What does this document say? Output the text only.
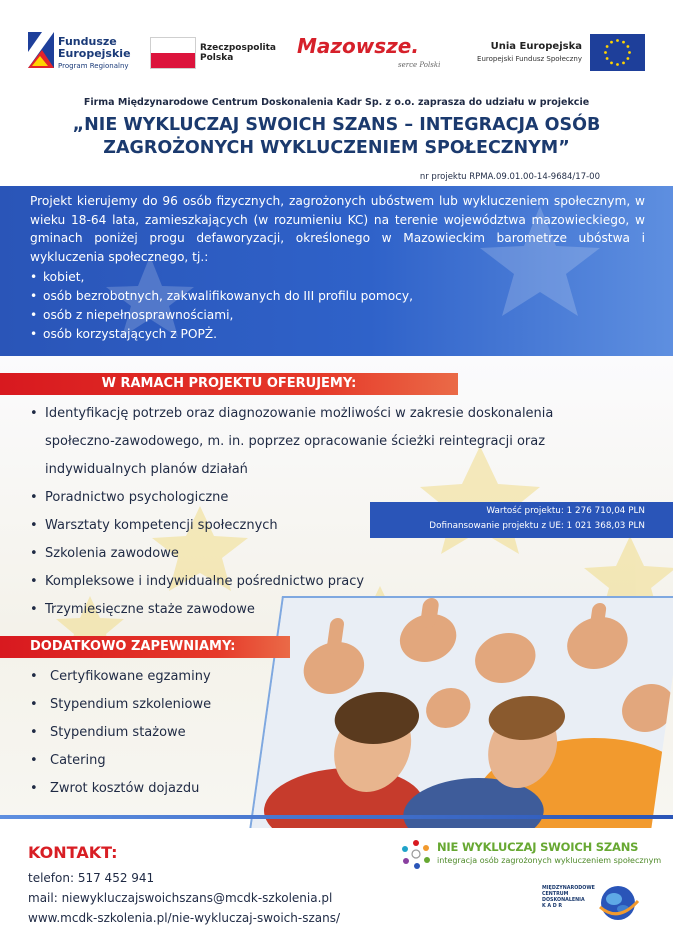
Fundusze Europejskie
Program Regionalny
Rzeczpospolita Polska	Mazowsze.
serce Polski
Unia Europejska
Europejski Fundusz Społeczny
Firma Międzynarodowe Centrum Doskonalenia Kadr Sp. z o.o. zaprasza do udziału w projekcie
„NIE WYKLUCZAJ SWOICH SZANS – INTEGRACJA OSÓB
ZAGROŻONYCH WYKLUCZENIEM SPOŁECZNYM”
nr projektu RPMA.09.01.00-14-9684/17-00
Projekt kierujemy do 96 osób fizycznych, zagrożonych ubóstwem lub wykluczeniem społecznym, w wieku 18-64 lata, zamieszkających (w rozumieniu KC) na terenie województwa mazowieckiego, w gminach poniżej progu defaworyzacji, określonego w Mazowieckim barometrze ubóstwa i wykluczenia społecznego, tj.:
• kobiet,
• osób bezrobotnych, zakwalifikowanych do III profilu pomocy,
• osób z niepełnosprawnościami,
• osób korzystających z POPŻ.
W RAMACH PROJEKTU OFERUJEMY:
• Identyfikację potrzeb oraz diagnozowanie możliwości w zakresie doskonalenia społeczno-zawodowego, m. in. poprzez opracowanie ścieżki reintegracji oraz indywidualnych planów działań
• Poradnictwo psychologiczne
• Warsztaty kompetencji społecznych
• Szkolenia zawodowe
• Kompleksowe i indywidualne pośrednictwo pracy
• Trzymiesięczne staże zawodowe
Wartość projektu: 1 276 710,04 PLN
Dofinansowanie projektu z UE: 1 021 368,03 PLN
DODATKOWO ZAPEWNIAMY:
• Certyfikowane egzaminy
• Stypendium szkoleniowe
• Stypendium stażowe
• Catering
• Zwrot kosztów dojazdu
KONTAKT:
telefon: 517 452 941
mail: niewykluczajswoichszans@mcdk-szkolenia.pl
www.mcdk-szkolenia.pl/nie-wykluczaj-swoich-szans/
NIE WYKLUCZAJ SWOICH SZANS
integracja osób zagrożonych wykluczeniem społecznym
MIĘDZYNARODOWE
CENTRUM
DOSKONALENIA
K A D R
